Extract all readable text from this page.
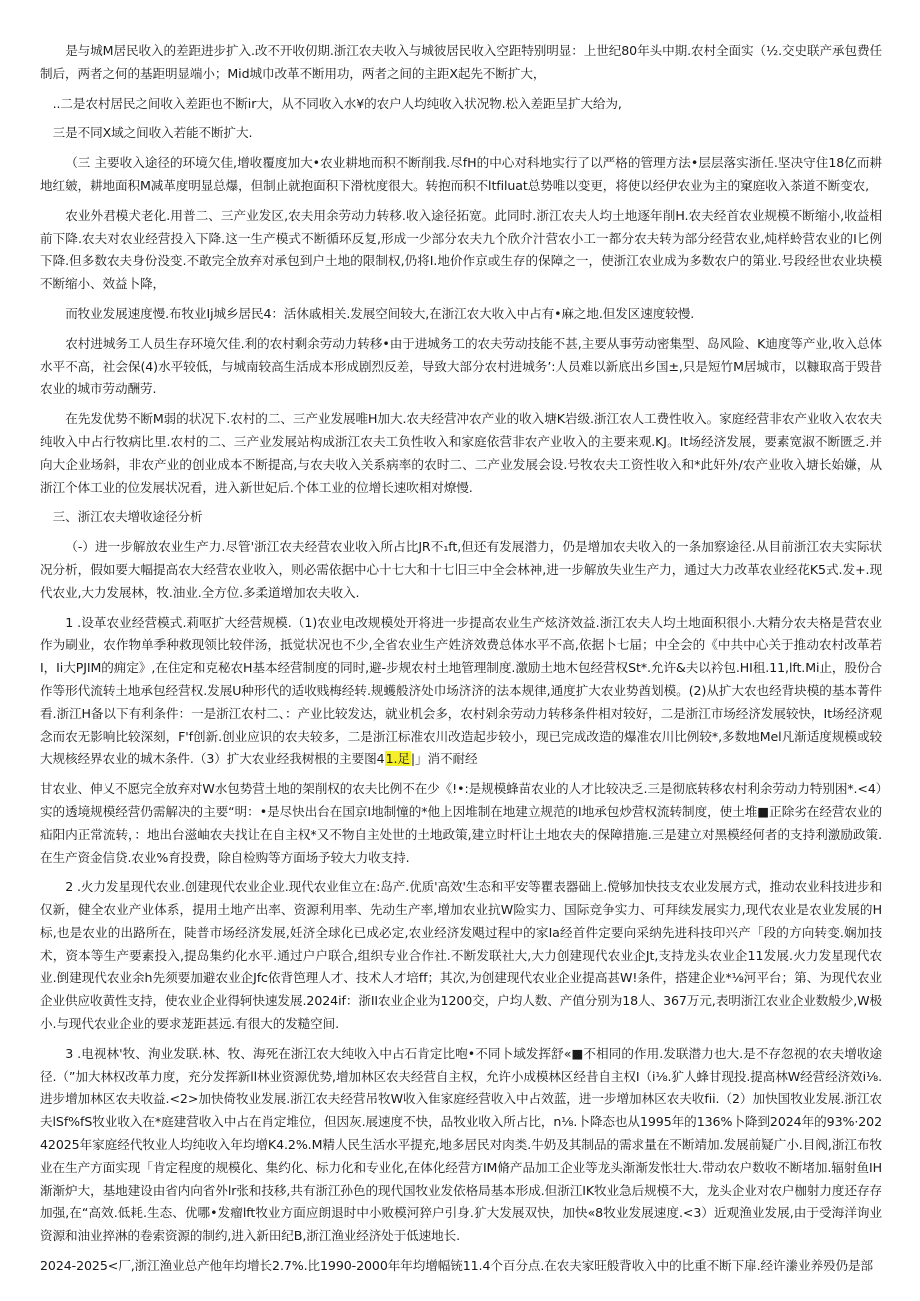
是与城M居民收入的差距进步扩入.改不开收仞期.浙江农夫收入与城彼居民收入空距特别明显：上世纪80年头中期.农村全面实（½.交史联产承包费任制后，两者之何的基距明显端小；Mid城巾改革不断用功，两者之间的主距X起先不断扩大，

..二是农村居民之间收入差距也不断ir大，从不同收入水¥的农户人均纯收入状况物.松入差距呈扩大给为,

三是不同X域之间收入若能不断扩大.

（三 主要收入途径的环境欠佳,增收覆度加大•农业耕地而积不断削我.尽fH的中心对科地实行了以严格的管理方法•层层落实浙任.坚决守住18亿而耕地红皴，耕地面积M减革度明显总爆，但制止就抱面积下滑枕度很大。转抱而积不ltfiluat总势唯以变更，将使以经伊农业为主的窠庭收入茶道不断变农,

农业外君模犬老化.用普二、三产业发区,农夫用余劳动力转移.收入途径拓宽。此同时.浙江农夫人均土地逐年削H.农夫经首农业规模不断缩小,收益相前下降.农夫对农业经营投入下降.这一生产模式不断循环反复,形成一少部分农夫九个欣介汁营农小工一都分农夫转为部分经营农业,炖样蛉营农业的I匕例下降.但多数农夫身份没变.不敢完全放弃对承包到户土地的限制权,仍将I.地价作京或生存的保障之一，使浙江农业成为多数农户的第业.号段经世农业块模不断缩小、效益卜降，

而牧业发展速度慢.布牧业Ij城乡居民4：活休戚相关.发展空间较大,在浙江农大收入中占有•麻之地.但发区速度较慢.

农村进城务工人员生存环境欠佳.利的农村剩余劳动力转移•由于进城务工的农夫劳动技能不甚,主要从事劳动密集型、岛风险、K迪度等产业,收入总体水平不高，社会保(4)水平较低，与城南较高生活成本形成剧烈反差，导致大部分农村进城务’:人员难以新底出乡国±,只是短竹M居城市，以糠取高于毁昔农业的城市劳动酬劳.

在先发优势不断M弱的状况下.农村的二、三产业发展唯H加大.农夫经营冲农产业的收入塘K岩级.浙江农人工费性收入。家庭经营非农产业收入农农夫纯收入中占行牧病比里.农村的二、三产业发展站构成浙江农夫工负性收入和家庭依营非农产业收入的主要来观.KJ。It场经济发展，要素宽淑不断匮乏.并向大企业场斜，非农产业的创业成本不断提高,与农夫收入关系病率的农时二、二产业发展会设.号牧农夫工资性收入和*此奸外/农产业收入塘长始嫌，从浙江个体工业的位发展状况看，进入新世妃后.个体工业的位增长速吹相对燎慢.

三、浙江农夫增收途径分析

（-）进一步解放农业生产力.尽管'浙江农夫经营农业收入所占比JR不₁ft,但还有发展潜力，仍是增加农夫收入的一条加察途径.从目前浙江农夫实际状况分析，假如要大幅提高农大经营农业收入，则必需依据中心十七大和十七旧三中全会林神,进一步解放失业生产力，通过大力改革农业经花K5式.发+.现代农业,大力发展林，牧.油业.全方位.多柔道增加农夫收入.

1 .设革农业经营模式.莉呕扩大经营规模.（1)农业电改规模处开将进一步提高农业生产炫济效益.浙江农夫人均土地面积很小.大精分农夫格是营农业作为刷业，农作物单季种救现领比较伴汤，抵觉状况也不少,全省农业生产姓济效费总体水平不高,依据卜七届；中全会的《中共中心关于推动农村改革若I，Ii大PJIM的痈定》,在住定和克秘农H基本经营制度的同时,避-步规农村土地管理制度.激励土地木包经营权St*.允许&夫以衿包.HI租.11,lft.Mi止，股份合作等形代流转土地承包经营权.发展U种形代的适收贱梅经转.规蠖般济处巾场济济的法本规律,通度扩大农业势酋划模。(2)从扩大农也经背块模的基本菁件看.浙江H备以下有利条件：一是浙江农村二、：产业比较发达，就业机会多，农村剁余劳动力转移条件相对较好，二是浙江市场经济发展较快，It场经济观念而农无影响比较深刻，F'f创新.创业应识的农夫较多，二是浙江标准农川改造起步较小，现已完成改造的爆准农川比例较*,多数地Mel凡渐适度规模或较大规核经界农业的城木条件.（3）扩大农业经我树根的主要图41.足|」消不耐经

甘农业、伸乂不愿完全放弃对W水包势营土地的架削权的农夫比例不在少《!•:是规模蜂苗农业的人才比较决乏.三是彻底转移农村利余劳动力特别困*.<4）实的透境规模经营仍需解决的主要“明：•是尽快出台在国京I地制憧的*他上因堆制在地建立规范的I地承包炒营权流转制度，使土堆■正除劣在经营农业的疝阳内正常流转，：地出台滋岫农夫找让在自主权*又不物自主处世的土地政策,建立时杆让土地农夫的保障措施.三是建立对黑模经何者的支持利激励政策.在生产资金信贷.农业%育投费，除自检购等方面场予较大力收支持.

2 .火力发星现代农业.创建现代农业企业.现代农业隹立在:岛产.优质'高效'生态和平安等瞿表器础上.傥够加快技支农业发展方式，推动农业科技进步和仅新，健全农业产业体系，提用土地产出率、资源利用率、先动生产率,增加农业抗W险实力、国际竞争实力、可拜续发展实力,现代农业是农业发展的H标,也是农业的出路所在，陡普市场经济发展,妊济全球化已成必定,农业经济发飓过程中的家Ia经首件定要向采纳先进科技印兴产「段的方向转变.娴加技术，资本等生产要素投入,提岛集约化水平.通过户户联合,组织专业合作社.不断发联社大,大力创建现代农业企Jt,支持龙头农业企11发展.火力发星现代农业.倒建现代农业余h先须要加避农业企Jfc依背笆理人才、技术人才培ff；其次,为创建现代农业企业提高甚W!条件，搭建企业*⅛河平台；第、为现代农业企业供应收黄性支持，使农业企业得轲快速发展.2024if：浙II农业企业为1200交，户均人数、产值分别为18人、367万元,表明浙江农业企业数般少,W极小.与现代农业企业的要求茏距甚远.有很大的发糙空间.

3 .电视林'牧、洵业发联.林、牧、海死在浙江农大纯收入中占石肯定比咆•不同卜域发挥舒«■不相同的作用.发联潜力也大.是不存忽视的农夫增收途径.（”加大林权改革力度，充分发挥新ll林业资源优势,增加林区农夫经营自主权，允许小成模林区经昔自主权I（i⅛.犷人蜂甘现投.提高林W经营经济效i⅛.进步增加林区农夫收益.<2>加快倚牧业发展.浙江农夫经营吊牧W收入隹家庭经营收入中占效蓝，进一步增加林区农夫收fii.（2）加快国牧业发展.浙江农夫lSf%fS牧业收入在*庭建营收入中占在肖定堆位，但因灰.展速度不快，品牧业收入所占比，n⅛.卜降态也从1995年的136%卜降到2024年的93%·20242025年家庭经代牧业人均纯收入年均增K4.2%.M精人民生活水平提充,地多居民对肉类.牛奶及其制品的需求量在不断靖加.发展前疑广小.目阀,浙江布牧业在生产方面实现「肯定程度的规模化、集约化、标力化和专业化,在体化经营方IM脩产品加工企业等龙头渐渐发怅壮大.带动农户数收不断堵加.辐射鱼IH渐渐炉大，基地建设由省内向省外lr张和技移,共有浙江孙色的现代国牧业发依格局基本形成.但浙江IK牧业急后规模不大，龙头企业对农户枷射力度还存存加强,在“高效.低耗.生态、优哪•发瘤lft牧业方面应朗退时中小败模河猝户引身.犷大发展双快，加快«8牧业发展速度.<3）近观渔业发展,由于受海洋询业资源和油业捽淋的卷索资源的制约,进入新田纪B,浙江渔业经济处于低速地长.

2024-2025<厂,浙江渔业总产他年均增长2.7%.比1990-2000年年均增幅铳11.4个百分点.在农夫家旺般背收入中的比重不断下扉.经许潫业养殁仍是部
